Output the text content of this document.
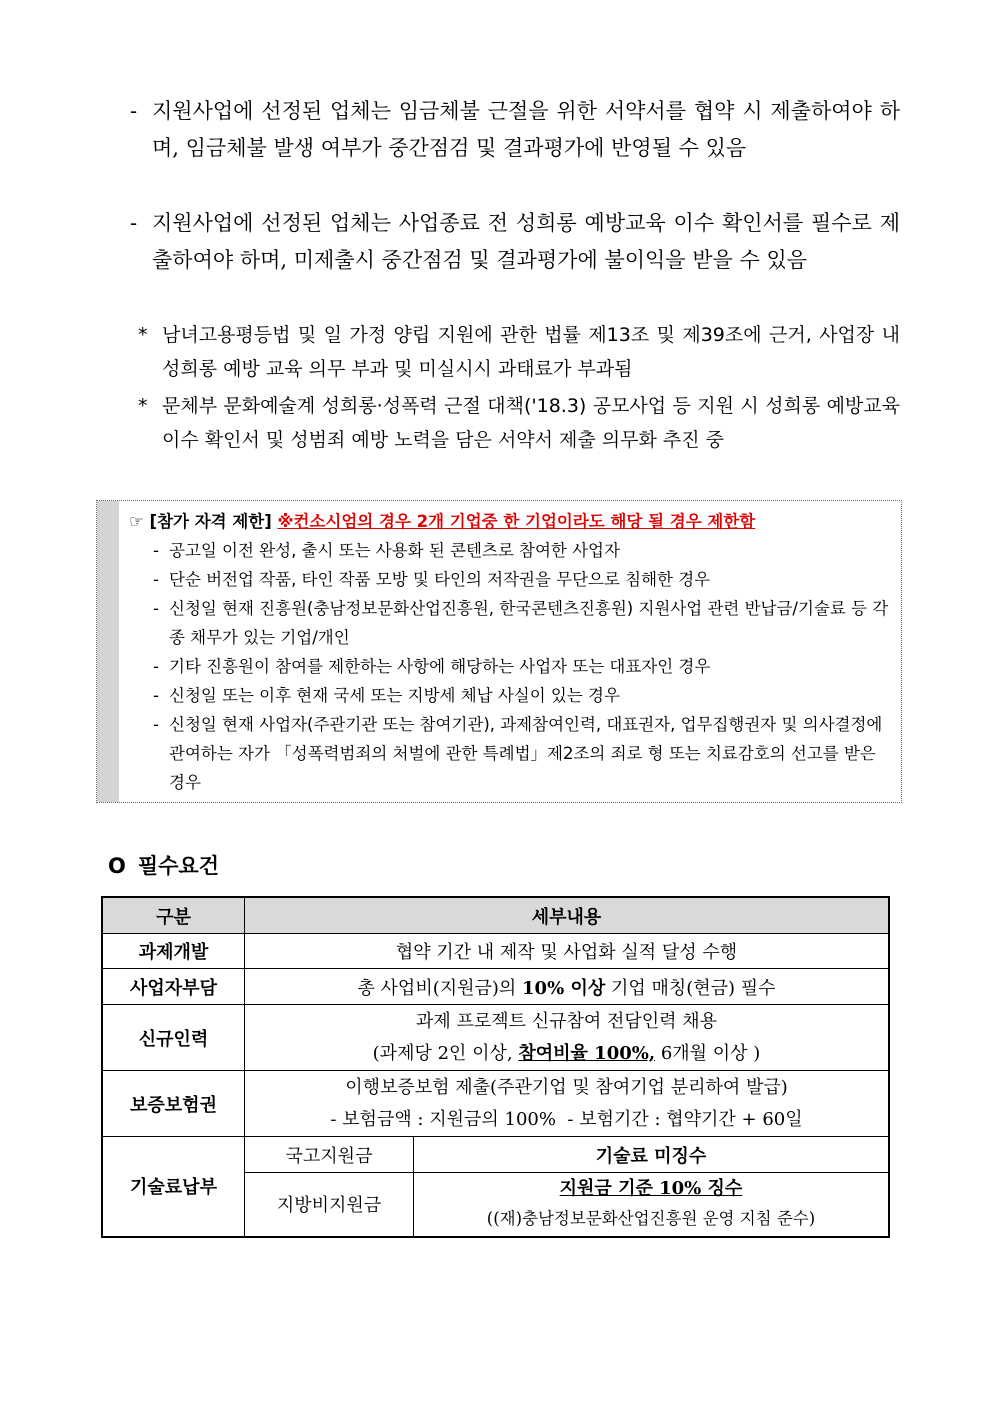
- 지원사업에 선정된 업체는 임금체불 근절을 위한 서약서를 협약 시 제출하여야 하며, 임금체불 발생 여부가 중간점검 및 결과평가에 반영될 수 있음
- 지원사업에 선정된 업체는 사업종료 전 성희롱 예방교육 이수 확인서를 필수로 제출하여야 하며, 미제출시 중간점검 및 결과평가에 불이익을 받을 수 있음
* 남녀고용평등법 및 일 가정 양립 지원에 관한 법률 제13조 및 제39조에 근거, 사업장 내 성희롱 예방 교육 의무 부과 및 미실시시 과태료가 부과됨
* 문체부 문화예술계 성희롱·성폭력 근절 대책('18.3) 공모사업 등 지원 시 성희롱 예방교육 이수 확인서 및 성범죄 예방 노력을 담은 서약서 제출 의무화 추진 중
☞ [참가 자격 제한] ※컨소시엄의 경우 2개 기업중 한 기업이라도 해당 될 경우 제한함
- 공고일 이전 완성, 출시 또는 사용화 된 콘텐츠로 참여한 사업자
- 단순 버전업 작품, 타인 작품 모방 및 타인의 저작권을 무단으로 침해한 경우
- 신청일 현재 진흥원(충남정보문화산업진흥원, 한국콘텐츠진흥원) 지원사업 관련 반납금/기술료 등 각종 채무가 있는 기업/개인
- 기타 진흥원이 참여를 제한하는 사항에 해당하는 사업자 또는 대표자인 경우
- 신청일 또는 이후 현재 국세 또는 지방세 체납 사실이 있는 경우
- 신청일 현재 사업자(주관기관 또는 참여기관), 과제참여인력, 대표권자, 업무집행권자 및 의사결정에 관여하는 자가 「성폭력범죄의 처벌에 관한 특례법」제2조의 죄로 형 또는 치료감호의 선고를 받은 경우
O 필수요건
구분	세부내용	
과제개발	협약 기간 내 제작 및 사업화 실적 달성 수행	
사업자부담	총 사업비(지원금)의 10% 이상 기업 매칭(현금) 필수	
신규인력	과제 프로젝트 신규참여 전담인력 채용
(과제당 2인 이상, 참여비율 100%, 6개월 이상 )	

보증보험권	이행보증보험 제출(주관기업 및 참여기업 분리하여 발급)
- 보험금액 : 지원금의 100%  - 보험기간 : 협약기간 + 60일	

기술료납부	국고지원금	기술료 미징수
	지방비지원금	지원금 기준 10% 징수
((재)충남정보문화산업진흥원 운영 지침 준수)
